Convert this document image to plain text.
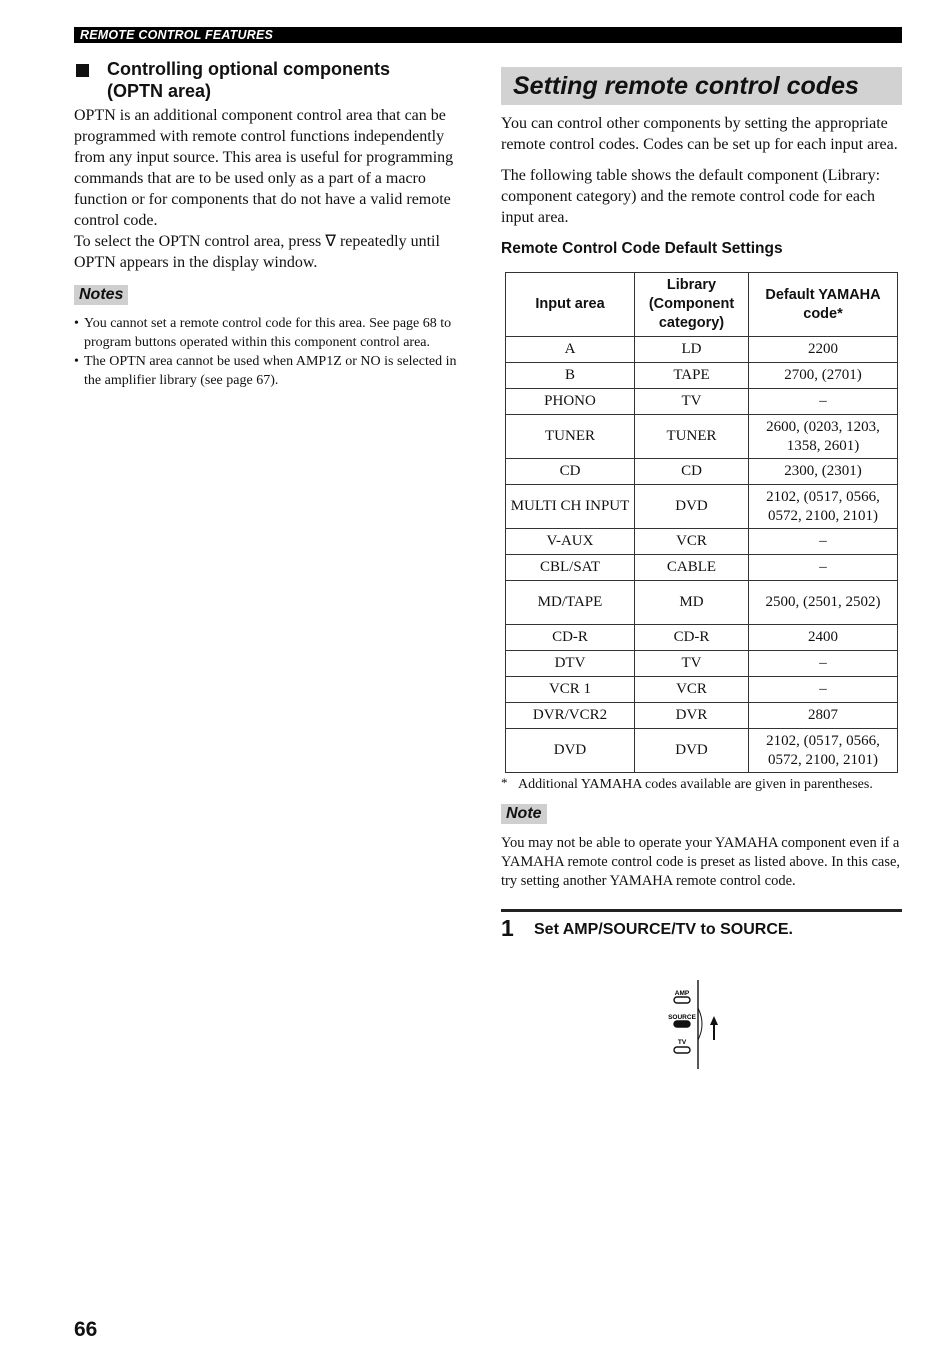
REMOTE CONTROL FEATURES
Controlling optional components
(OPTN area)

OPTN is an additional component control area that can be programmed with remote control functions independently from any input source. This area is useful for programming commands that are to be used only as a part of a macro function or for components that do not have a valid remote control code.

To select the OPTN control area, press ∇ repeatedly until OPTN appears in the display window.

Notes
• You cannot set a remote control code for this area. See page 68 to program buttons operated within this component control area.
• The OPTN area cannot be used when AMP1Z or NO is selected in the amplifier library (see page 67).
Setting remote control codes

You can control other components by setting the appropriate remote control codes. Codes can be set up for each input area.

The following table shows the default component (Library: component category) and the remote control code for each input area.

Remote Control Code Default Settings
Input area	Library (Component category)	Default YAMAHA code*
A	LD	2200
B	TAPE	2700, (2701)
PHONO	TV	–
TUNER	TUNER	2600, (0203, 1203, 1358, 2601)
CD	CD	2300, (2301)
MULTI CH INPUT	DVD	2102, (0517, 0566, 0572, 2100, 2101)
V-AUX	VCR	–
CBL/SAT	CABLE	–
MD/TAPE	MD	2500, (2501, 2502)
CD-R	CD-R	2400
DTV	TV	–
VCR 1	VCR	–
DVR/VCR2	DVR	2807
DVD	DVD	2102, (0517, 0566, 0572, 2100, 2101)
* Additional YAMAHA codes available are given in parentheses.
Note

You may not be able to operate your YAMAHA component even if a YAMAHA remote control code is preset as listed above. In this case, try setting another YAMAHA remote control code.

1 Set AMP/SOURCE/TV to SOURCE.
AMP
SOURCE
TV
66
